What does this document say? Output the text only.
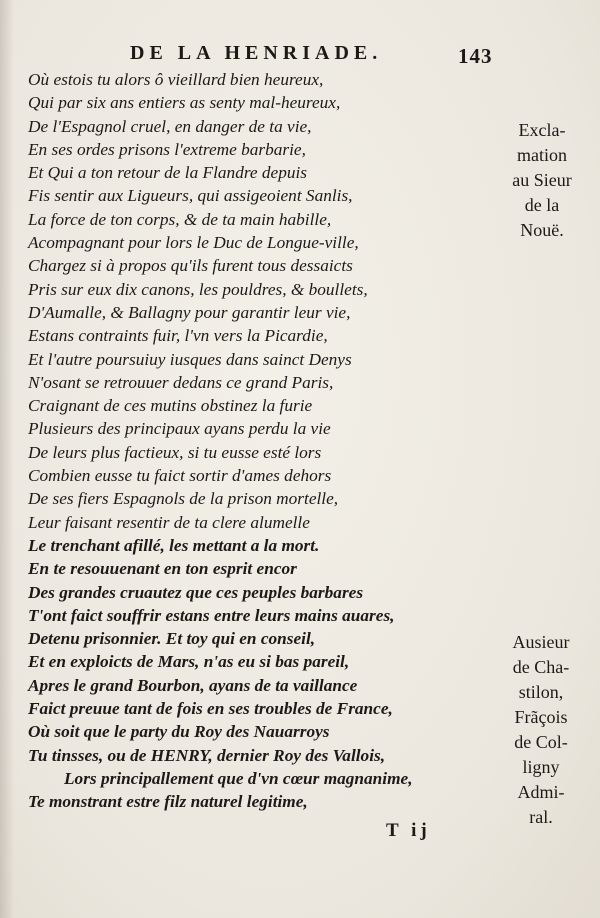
DE LA HENRIADE.	143
Où estois tu alors ô vieillard bien heureux,
Qui par six ans entiers as senty mal-heureux,
De l'Espagnol cruel, en danger de ta vie,
En ses ordes prisons l'extreme barbarie,
Et Qui a ton retour de la Flandre depuis
Fis sentir aux Ligueurs, qui assigeoient Sanlis,
La force de ton corps, & de ta main habille,
Acompagnant pour lors le Duc de Longue-ville,
Chargez si à propos qu'ils furent tous dessaicts
Pris sur eux dix canons, les pouldres, & boullets,
D'Aumalle, & Ballagny pour garantir leur vie,
Estans contraints fuir, l'vn vers la Picardie,
Et l'autre poursuiuy iusques dans sainct Denys
N'osant se retrouuer dedans ce grand Paris,
Craignant de ces mutins obstinez la furie
Plusieurs des principaux ayans perdu la vie
De leurs plus factieux, si tu eusse esté lors
Combien eusse tu faict sortir d'ames dehors
De ses fiers Espagnols de la prison mortelle,
Leur faisant resentir de ta clere alumelle
Le trenchant afillé, les mettant a la mort.
En te resouuenant en ton esprit encor
Des grandes cruautez que ces peuples barbares
T'ont faict souffrir estans entre leurs mains auares,
Detenu prisonnier. Et toy qui en conseil,
Et en exploicts de Mars, n'as eu si bas pareil,
Apres le grand Bourbon, ayans de ta vaillance
Faict preuue tant de fois en ses troubles de France,
Où soit que le party du Roy des Nauarroys
Tu tinsses, ou de HENRY, dernier Roy des Vallois,
Lors principallement que d'vn cœur magnanime,
Te monstrant estre filz naturel legitime,
Excla-
mation
au Sieur
de la
Nouë.
Ausieur
de Cha-
stilon,
Frãçois
de Col-
ligny
Admi-
ral.
T ij
